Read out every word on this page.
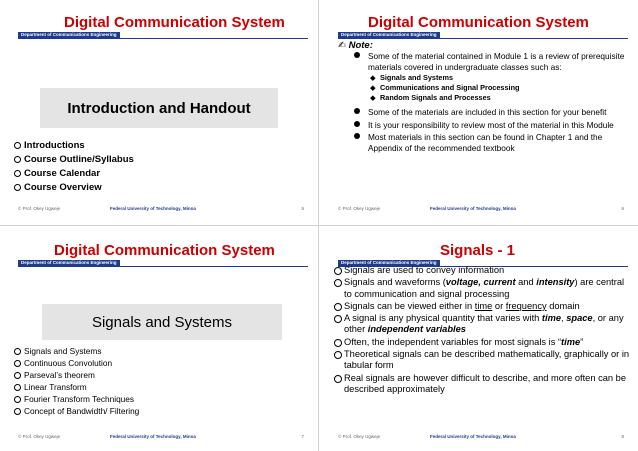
Digital Communication System
Department of Communications Engineering
Introduction and Handout
Introductions
Course Outline/Syllabus
Course Calendar
Course Overview
© Prof. Okey Ugweje	Federal University of Technology, Minna	5
Digital Communication System
Department of Communications Engineering
✍ Note:
Some of the material contained in Module 1 is a review of prerequisite materials covered in undergraduate classes such as:
◆ Signals and Systems
◆ Communications and Signal Processing
◆ Random Signals and Processes
Some of the materials are included in this section for your benefit
It is your responsibility to review most of the material in this Module
Most materials in this section can be found in Chapter 1 and the Appendix of the recommended textbook
© Prof. Okey Ugweje	Federal University of Technology, Minna	6
Digital Communication System
Department of Communications Engineering
Signals and Systems
Signals and Systems
Continuous Convolution
Parseval’s theorem
Linear Transform
Fourier Transform Techniques
Concept of Bandwidth/ Filtering
© Prof. Okey Ugweje	Federal University of Technology, Minna	7
Signals - 1
Department of Communications Engineering
Signals are used to convey information
Signals and waveforms (voltage, current and intensity) are central to communication and signal processing
Signals can be viewed either in time or frequency domain
A signal is any physical quantity that varies with time, space, or any other independent variables
Often, the independent variables for most signals is “time”
Theoretical signals can be described mathematically, graphically or in tabular form
Real signals are however difficult to describe, and more often can be described approximately
© Prof. Okey Ugweje	Federal University of Technology, Minna	8
